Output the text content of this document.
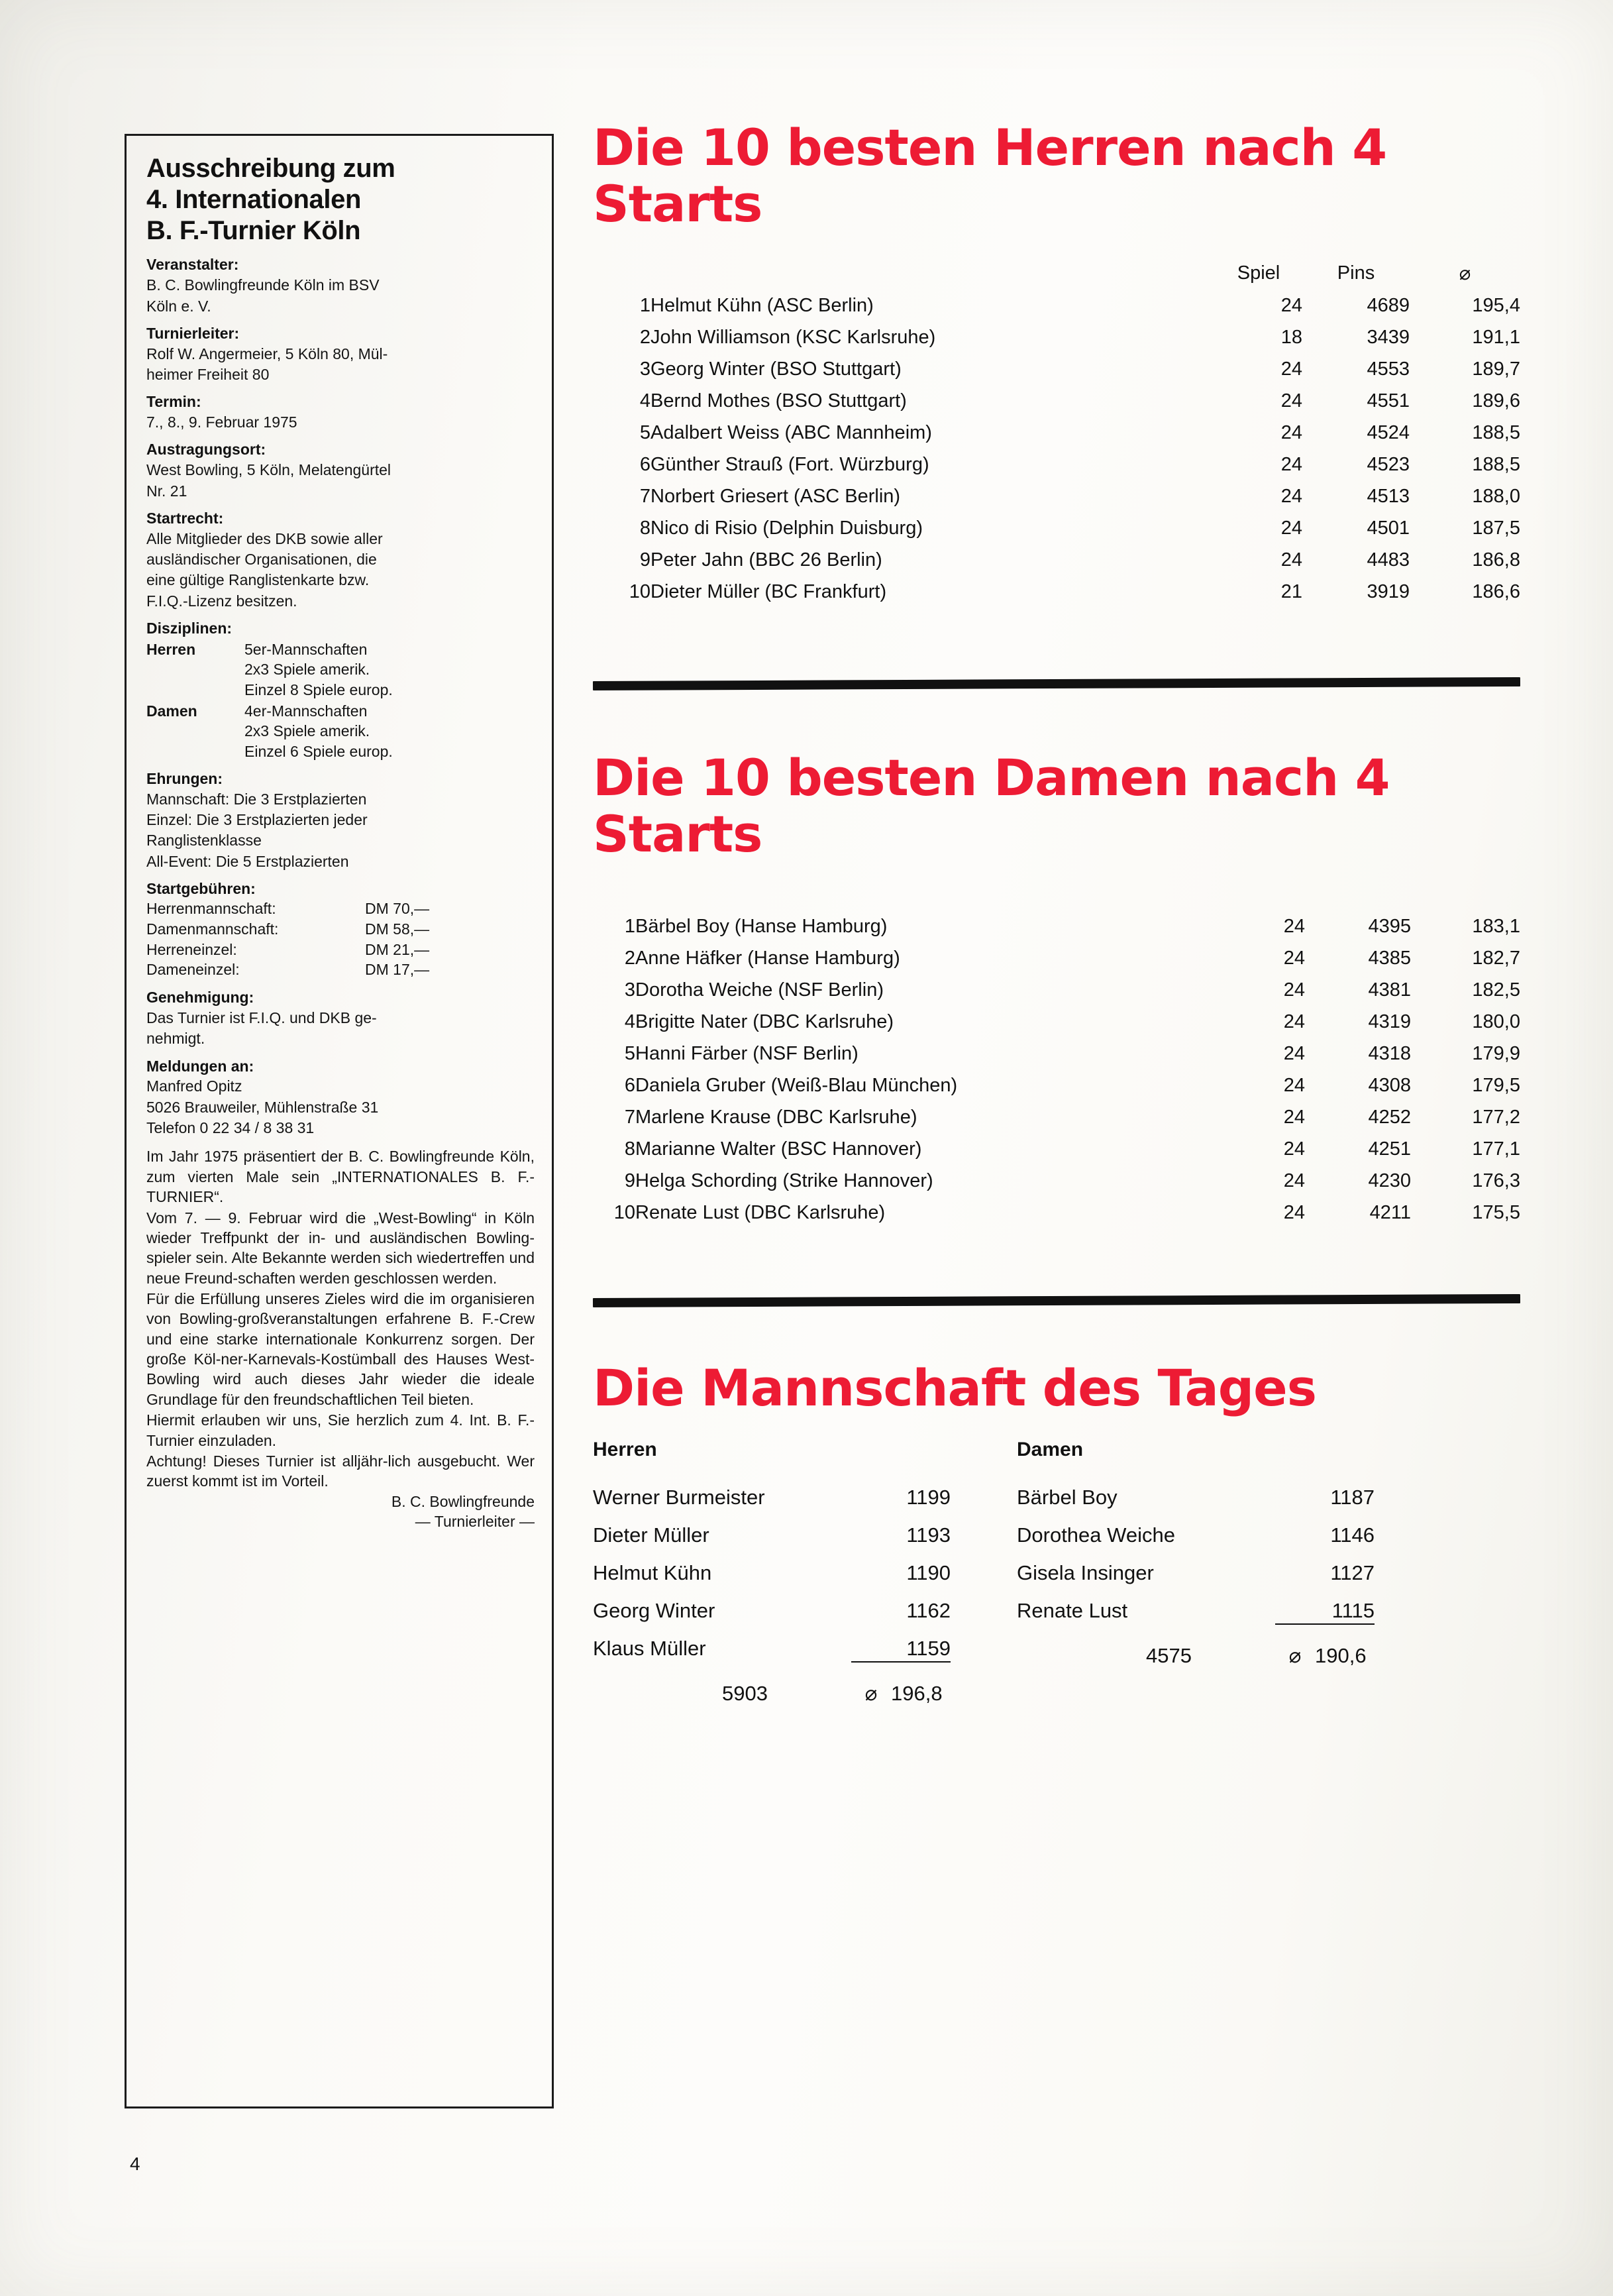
Ausschreibung zum
4. Internationalen
B. F.-Turnier Köln
Veranstalter:
B. C. Bowlingfreunde Köln im BSV
Köln e. V.
Turnierleiter:
Rolf W. Angermeier, 5 Köln 80, Mül-
heimer Freiheit 80
Termin:
7., 8., 9. Februar 1975
Austragungsort:
West Bowling, 5 Köln, Melatengürtel
Nr. 21
Startrecht:
Alle Mitglieder des DKB sowie aller
ausländischer Organisationen, die
eine gültige Ranglistenkarte bzw.
F.I.Q.-Lizenz besitzen.
Disziplinen:
Herren	5er-Mannschaften
2x3 Spiele amerik.
Einzel 8 Spiele europ.
Damen	4er-Mannschaften
2x3 Spiele amerik.
Einzel 6 Spiele europ.
Ehrungen:
Mannschaft: Die 3 Erstplazierten
Einzel: Die 3 Erstplazierten jeder
Ranglistenklasse
All-Event: Die 5 Erstplazierten
Startgebühren:
Herrenmannschaft:	DM 70,—
Damenmannschaft:	DM 58,—
Herreneinzel:	DM 21,—
Dameneinzel:	DM 17,—
Genehmigung:
Das Turnier ist F.I.Q. und DKB ge-
nehmigt.
Meldungen an:
Manfred Opitz
5026 Brauweiler, Mühlenstraße 31
Telefon 0 22 34 / 8 38 31
Im Jahr 1975 präsentiert der B. C. Bowlingfreunde Köln, zum vierten Male sein „INTERNATIONALES B. F.-TURNIER“.
Vom 7. — 9. Februar wird die „West-Bowling“ in Köln wieder Treffpunkt der in- und ausländischen Bowling-spieler sein. Alte Bekannte werden sich wiedertreffen und neue Freund-schaften werden geschlossen werden.
Für die Erfüllung unseres Zieles wird die im organisieren von Bowling-großveranstaltungen erfahrene B. F.-Crew und eine starke internationale Konkurrenz sorgen. Der große Köl-ner-Karnevals-Kostümball des Hauses West-Bowling wird auch dieses Jahr wieder die ideale Grundlage für den freundschaftlichen Teil bieten.
Hiermit erlauben wir uns, Sie herzlich zum 4. Int. B. F.-Turnier einzuladen.
Achtung! Dieses Turnier ist alljähr-lich ausgebucht. Wer zuerst kommt ist im Vorteil.
B. C. Bowlingfreunde
— Turnierleiter —
Die 10 besten Herren nach 4 Starts
		Spiel	Pins	⌀
1	Helmut Kühn (ASC Berlin)	24	4689	195,4
2	John Williamson (KSC Karlsruhe)	18	3439	191,1
3	Georg Winter (BSO Stuttgart)	24	4553	189,7
4	Bernd Mothes (BSO Stuttgart)	24	4551	189,6
5	Adalbert Weiss (ABC Mannheim)	24	4524	188,5
6	Günther Strauß (Fort. Würzburg)	24	4523	188,5
7	Norbert Griesert (ASC Berlin)	24	4513	188,0
8	Nico di Risio (Delphin Duisburg)	24	4501	187,5
9	Peter Jahn (BBC 26 Berlin)	24	4483	186,8
10	Dieter Müller (BC Frankfurt)	21	3919	186,6
Die 10 besten Damen nach 4 Starts
1	Bärbel Boy (Hanse Hamburg)	24	4395	183,1
2	Anne Häfker (Hanse Hamburg)	24	4385	182,7
3	Dorotha Weiche (NSF Berlin)	24	4381	182,5
4	Brigitte Nater (DBC Karlsruhe)	24	4319	180,0
5	Hanni Färber (NSF Berlin)	24	4318	179,9
6	Daniela Gruber (Weiß-Blau München)	24	4308	179,5
7	Marlene Krause (DBC Karlsruhe)	24	4252	177,2
8	Marianne Walter (BSC Hannover)	24	4251	177,1
9	Helga Schording (Strike Hannover)	24	4230	176,3
10	Renate Lust (DBC Karlsruhe)	24	4211	175,5
Die Mannschaft des Tages
Herren
Werner Burmeister	1199
Dieter Müller	1193
Helmut Kühn	1190
Georg Winter	1162
Klaus Müller	1159
5903	⌀ 196,8
Damen
Bärbel Boy	1187
Dorothea Weiche	1146
Gisela Insinger	1127
Renate Lust	1115
4575	⌀ 190,6
4
